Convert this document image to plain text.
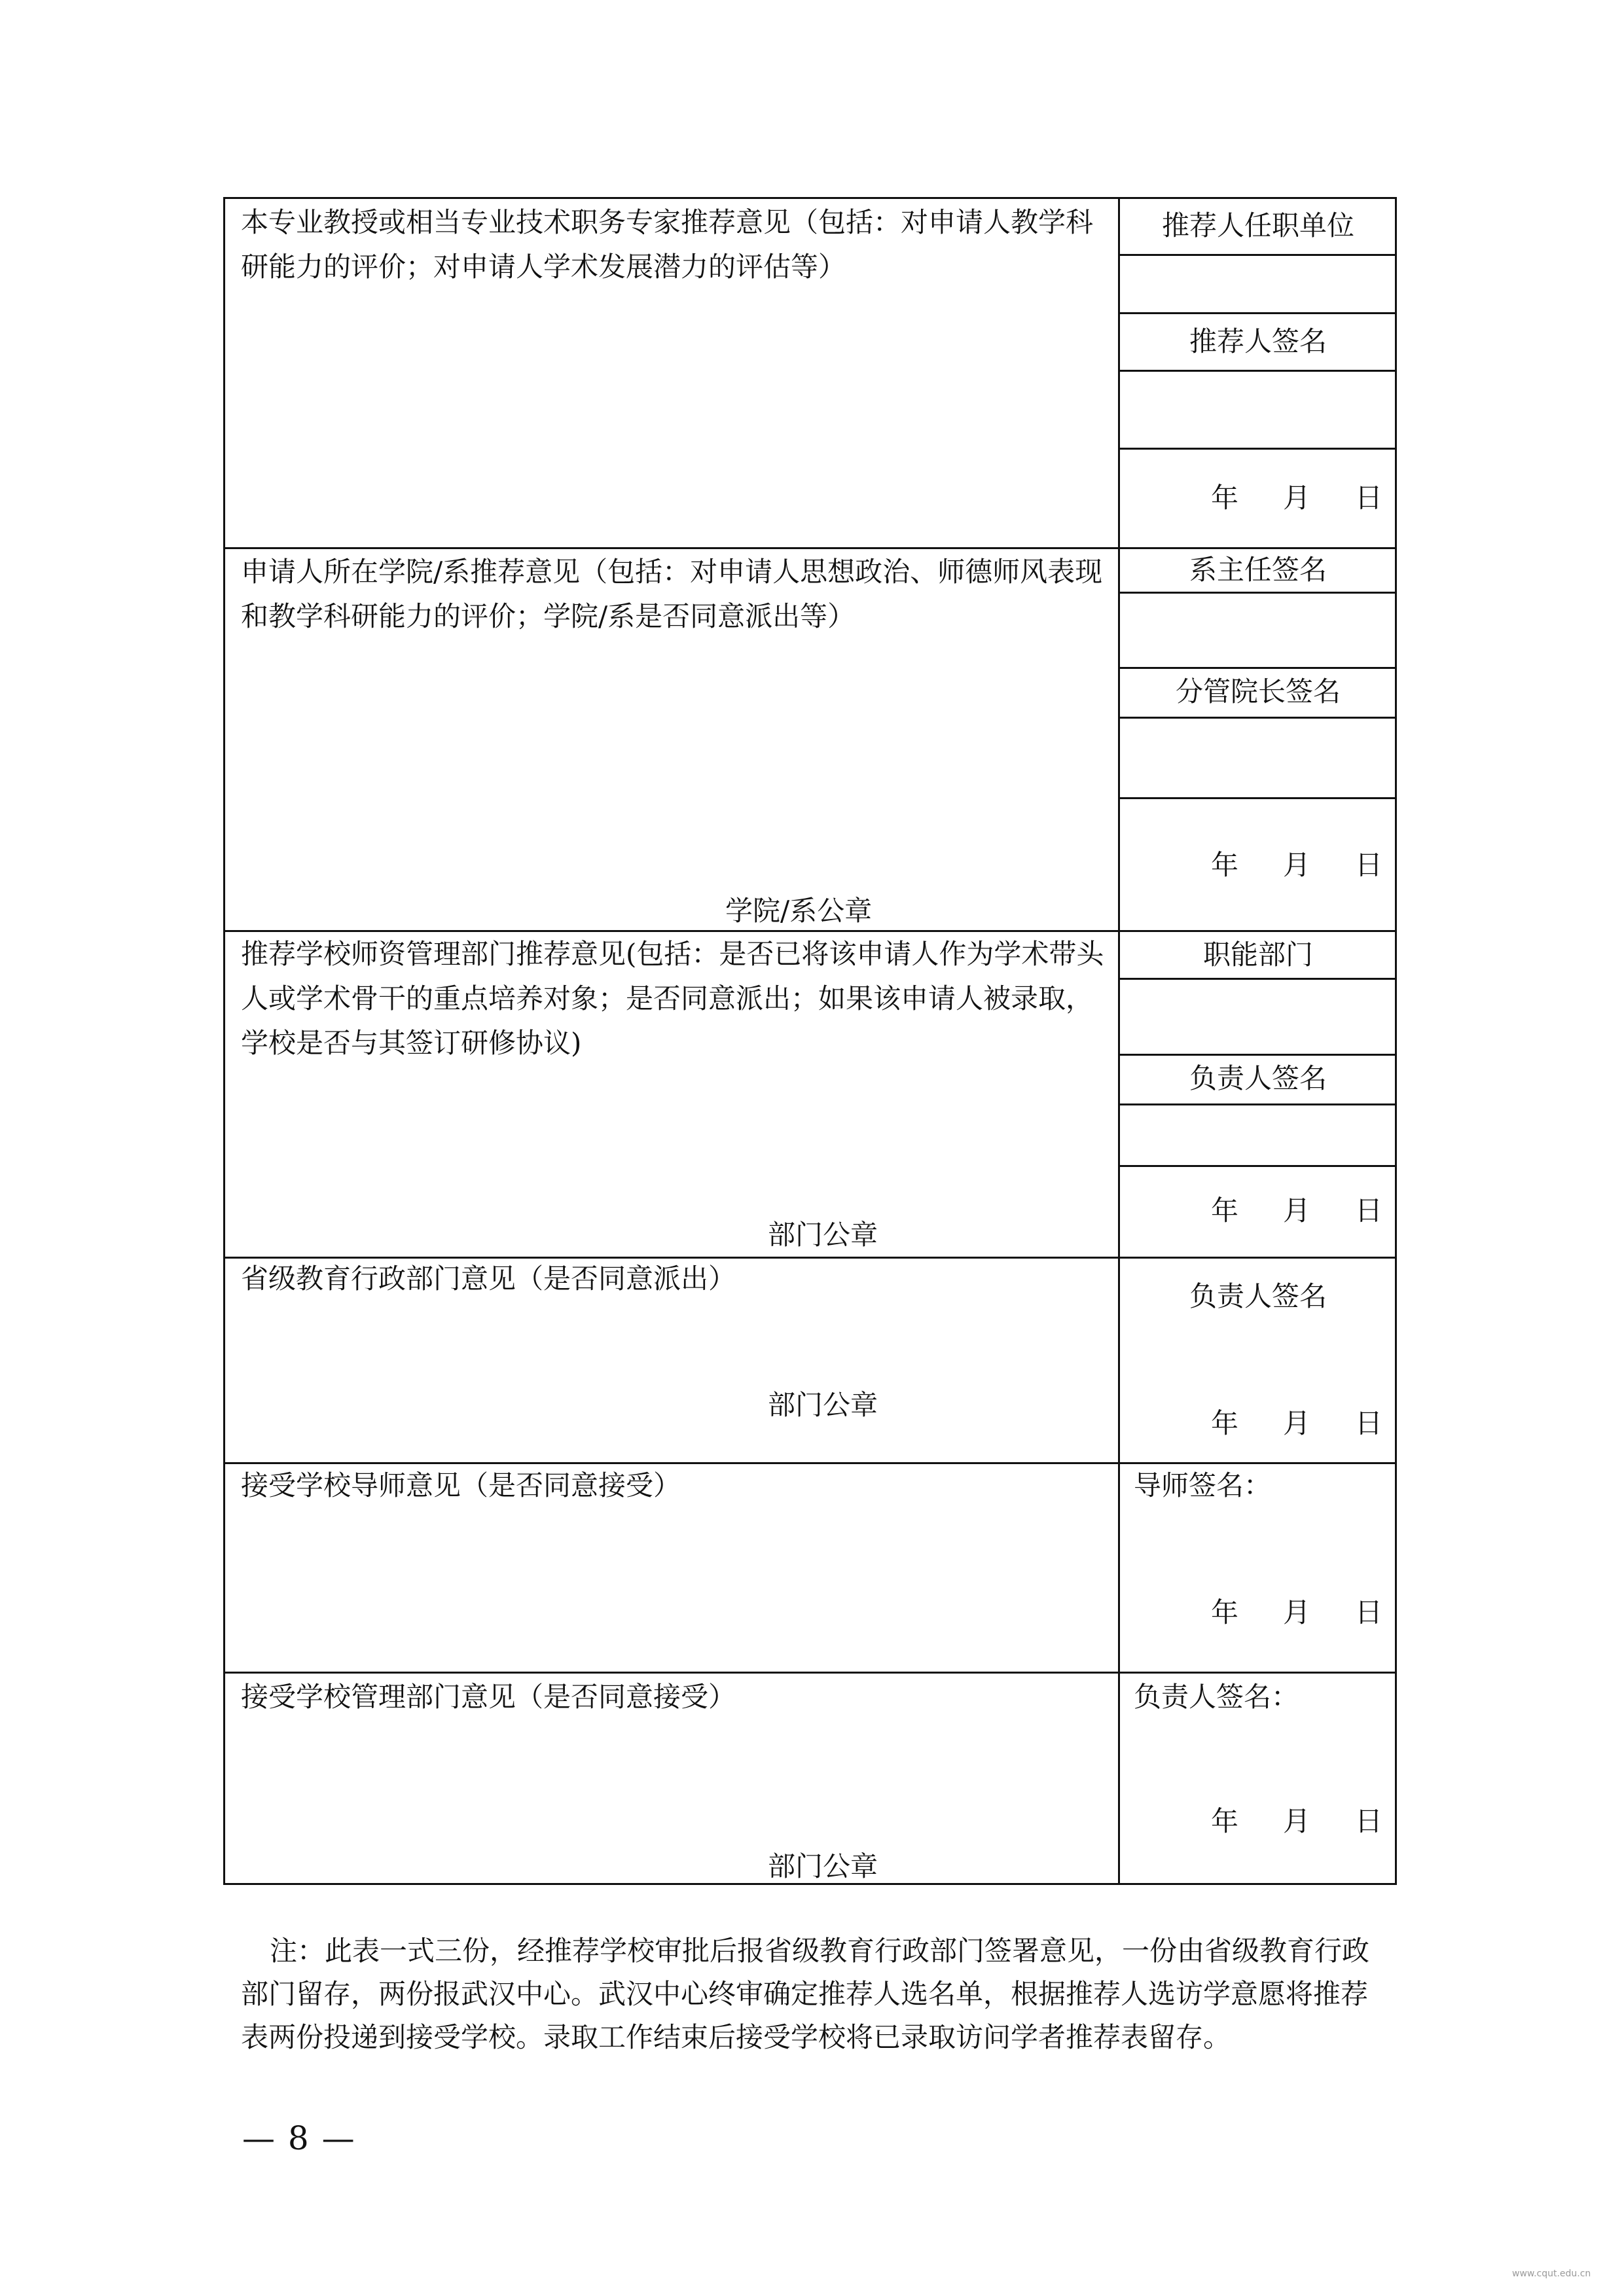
本专业教授或相当专业技术职务专家推荐意见（包括：对申请人教学科研能力的评价；对申请人学术发展潜力的评估等）
推荐人任职单位
推荐人签名
年 月 日
申请人所在学院/系推荐意见（包括：对申请人思想政治、师德师风表现和教学科研能力的评价；学院/系是否同意派出等）
系主任签名
分管院长签名
年 月 日
学院/系公章
推荐学校师资管理部门推荐意见(包括：是否已将该申请人作为学术带头人或学术骨干的重点培养对象；是否同意派出；如果该申请人被录取，学校是否与其签订研修协议)
职能部门
负责人签名
年 月 日
部门公章
省级教育行政部门意见（是否同意派出）
负责人签名
年 月 日
部门公章
接受学校导师意见（是否同意接受）	导师签名：
年 月 日
接受学校管理部门意见（是否同意接受）	负责人签名：
年 月 日
部门公章
注：此表一式三份，经推荐学校审批后报省级教育行政部门签署意见，一份由省级教育行政部门留存，两份报武汉中心。武汉中心终审确定推荐人选名单，根据推荐人选访学意愿将推荐表两份投递到接受学校。录取工作结束后接受学校将已录取访问学者推荐表留存。
— 8 —
www.cqut.edu.cn
